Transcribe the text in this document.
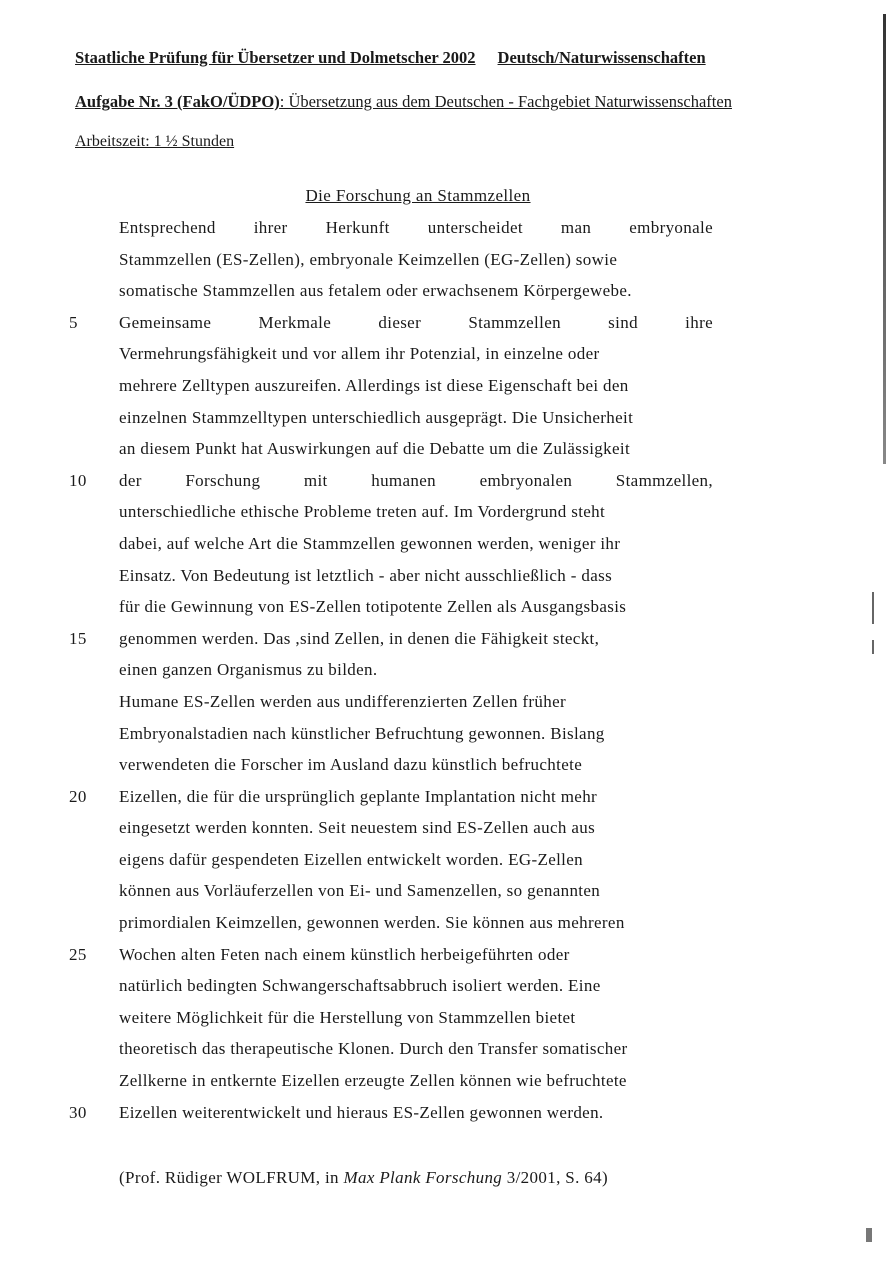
Staatliche Prüfung für Übersetzer und Dolmetscher 2002 Deutsch/Naturwissenschaften
Aufgabe Nr. 3 (FakO/ÜDPO): Übersetzung aus dem Deutschen - Fachgebiet Naturwissenschaften
Arbeitszeit: 1 ½ Stunden
Die Forschung an Stammzellen
Entsprechend ihrer Herkunft unterscheidet man embryonale
Stammzellen (ES-Zellen), embryonale Keimzellen (EG-Zellen) sowie
somatische Stammzellen aus fetalem oder erwachsenem Körpergewebe.
5	Gemeinsame Merkmale dieser Stammzellen sind ihre
Vermehrungsfähigkeit und vor allem ihr Potenzial, in einzelne oder
mehrere Zelltypen auszureifen. Allerdings ist diese Eigenschaft bei den
einzelnen Stammzelltypen unterschiedlich ausgeprägt. Die Unsicherheit
an diesem Punkt hat Auswirkungen auf die Debatte um die Zulässigkeit
10	der Forschung mit humanen embryonalen Stammzellen,
unterschiedliche ethische Probleme treten auf. Im Vordergrund steht
dabei, auf welche Art die Stammzellen gewonnen werden, weniger ihr
Einsatz. Von Bedeutung ist letztlich - aber nicht ausschließlich - dass
für die Gewinnung von ES-Zellen totipotente Zellen als Ausgangsbasis
15	genommen werden. Das ,sind Zellen, in denen die Fähigkeit steckt,
einen ganzen Organismus zu bilden.
Humane ES-Zellen werden aus undifferenzierten Zellen früher
Embryonalstadien nach künstlicher Befruchtung gewonnen. Bislang
verwendeten die Forscher im Ausland dazu künstlich befruchtete
20	Eizellen, die für die ursprünglich geplante Implantation nicht mehr
eingesetzt werden konnten. Seit neuestem sind ES-Zellen auch aus
eigens dafür gespendeten Eizellen entwickelt worden. EG-Zellen
können aus Vorläuferzellen von Ei- und Samenzellen, so genannten
primordialen Keimzellen, gewonnen werden. Sie können aus mehreren
25	Wochen alten Feten nach einem künstlich herbeigeführten oder
natürlich bedingten Schwangerschaftsabbruch isoliert werden. Eine
weitere Möglichkeit für die Herstellung von Stammzellen bietet
theoretisch das therapeutische Klonen. Durch den Transfer somatischer
Zellkerne in entkernte Eizellen erzeugte Zellen können wie befruchtete
30	Eizellen weiterentwickelt und hieraus ES-Zellen gewonnen werden.
(Prof. Rüdiger WOLFRUM, in Max Plank Forschung 3/2001, S. 64)
